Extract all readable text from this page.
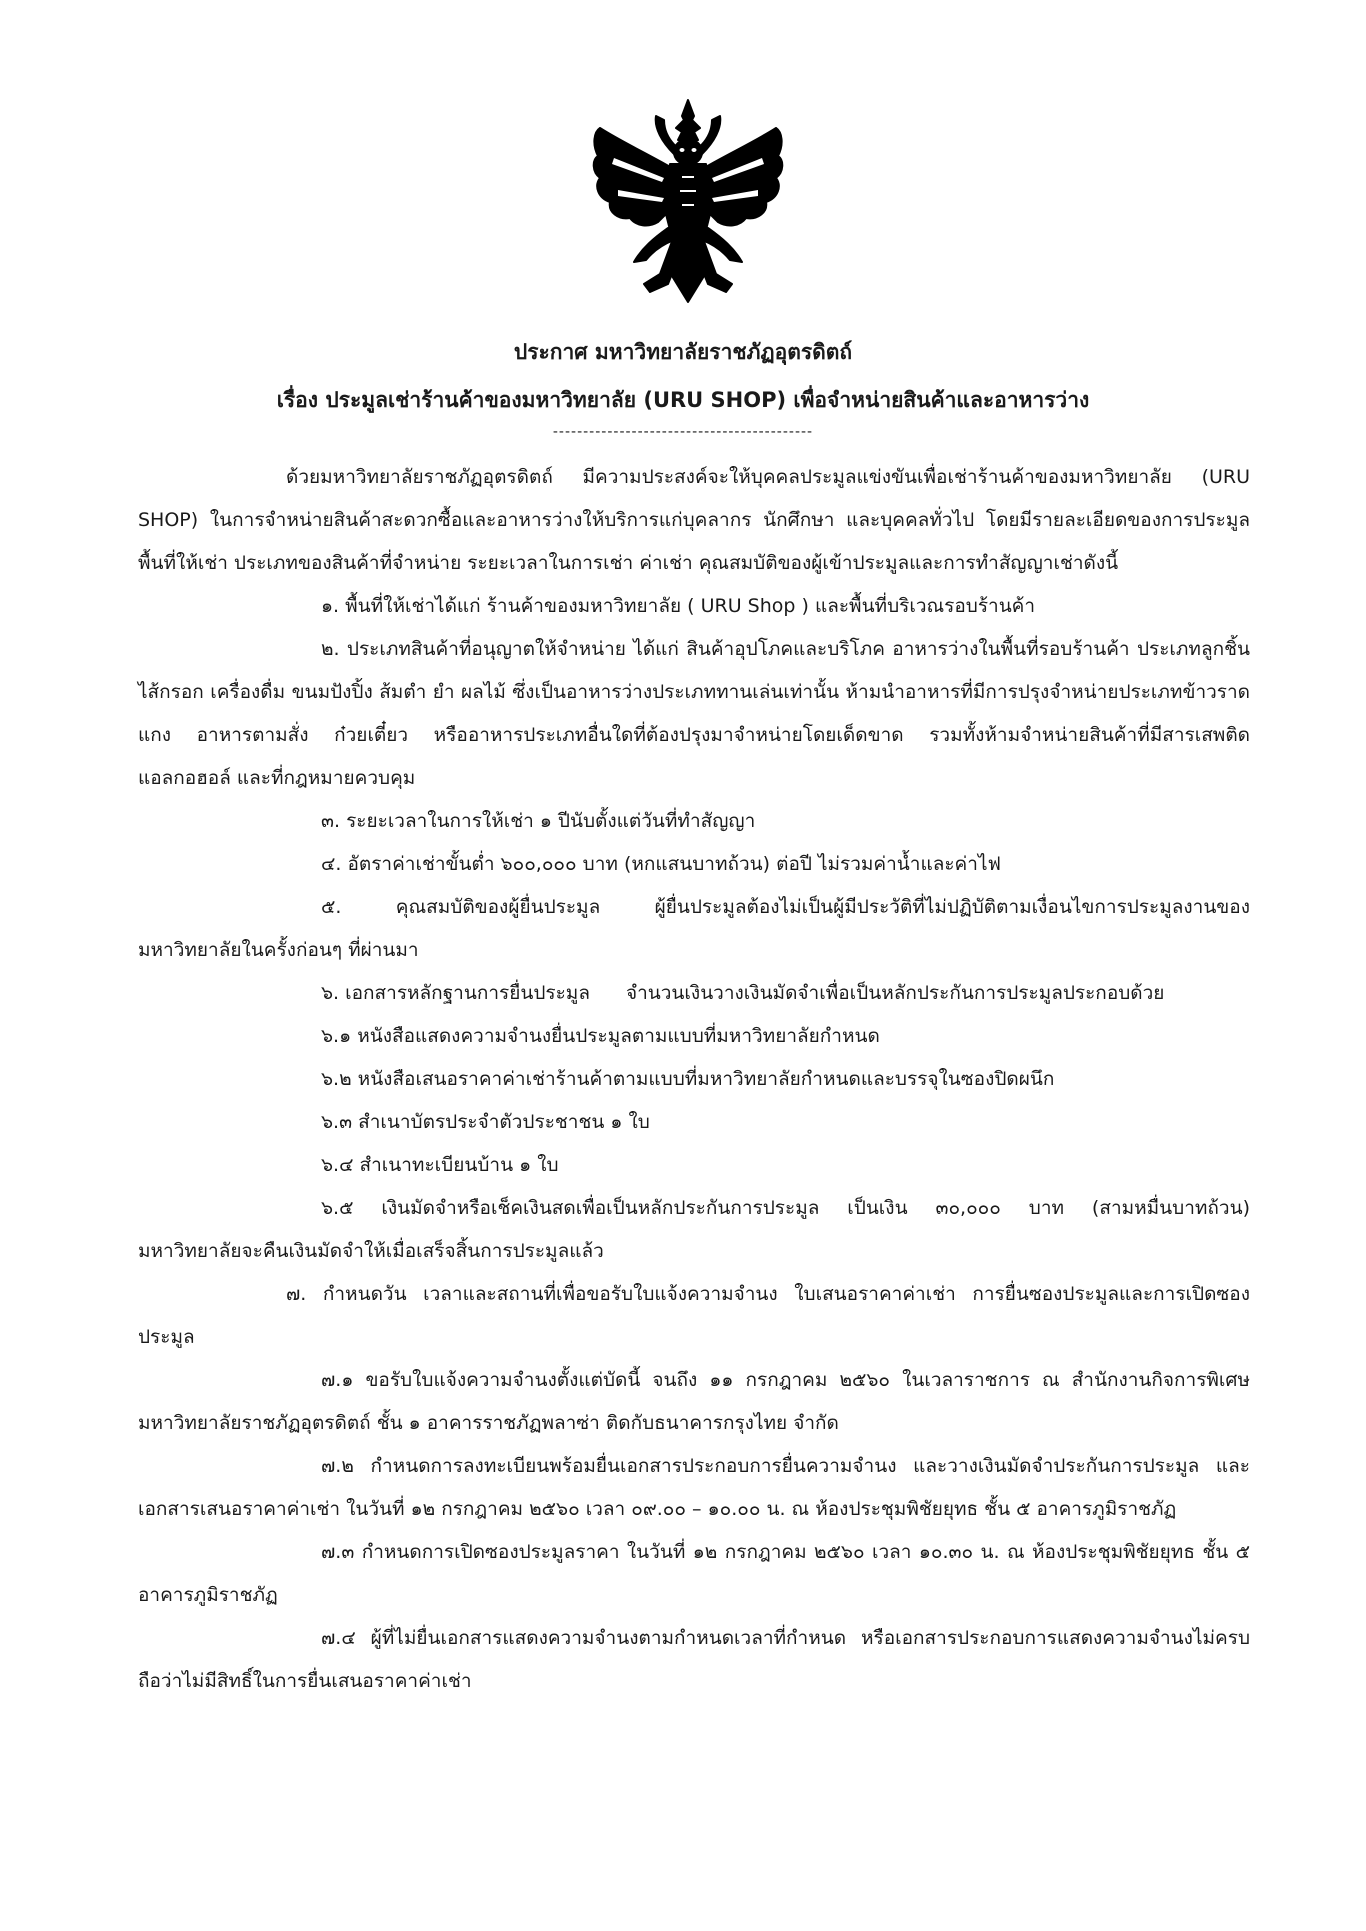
ประกาศ มหาวิทยาลัยราชภัฏอุตรดิตถ์
เรื่อง ประมูลเช่าร้านค้าของมหาวิทยาลัย (URU SHOP) เพื่อจำหน่ายสินค้าและอาหารว่าง
-------------------------------------------

ด้วยมหาวิทยาลัยราชภัฏอุตรดิตถ์ มีความประสงค์จะให้บุคคลประมูลแข่งขันเพื่อเช่าร้านค้าของมหาวิทยาลัย (URU SHOP) ในการจำหน่ายสินค้าสะดวกซื้อและอาหารว่างให้บริการแก่บุคลากร นักศึกษา และบุคคลทั่วไป โดยมีรายละเอียดของการประมูล พื้นที่ให้เช่า ประเภทของสินค้าที่จำหน่าย ระยะเวลาในการเช่า ค่าเช่า คุณสมบัติของผู้เข้าประมูลและการทำสัญญาเช่าดังนี้

๑. พื้นที่ให้เช่าได้แก่ ร้านค้าของมหาวิทยาลัย ( URU Shop ) และพื้นที่บริเวณรอบร้านค้า

๒. ประเภทสินค้าที่อนุญาตให้จำหน่าย ได้แก่ สินค้าอุปโภคและบริโภค อาหารว่างในพื้นที่รอบร้านค้า ประเภทลูกชิ้น ไส้กรอก เครื่องดื่ม ขนมปังปิ้ง ส้มตำ ยำ ผลไม้ ซึ่งเป็นอาหารว่างประเภททานเล่นเท่านั้น ห้ามนำอาหารที่มีการปรุงจำหน่ายประเภทข้าวราดแกง อาหารตามสั่ง ก๋วยเตี๋ยว หรืออาหารประเภทอื่นใดที่ต้องปรุงมาจำหน่ายโดยเด็ดขาด รวมทั้งห้ามจำหน่ายสินค้าที่มีสารเสพติด แอลกอฮอล์ และที่กฎหมายควบคุม

๓. ระยะเวลาในการให้เช่า ๑ ปีนับตั้งแต่วันที่ทำสัญญา

๔. อัตราค่าเช่าขั้นต่ำ ๖๐๐,๐๐๐ บาท (หกแสนบาทถ้วน) ต่อปี ไม่รวมค่าน้ำและค่าไฟ

๕. คุณสมบัติของผู้ยื่นประมูล ผู้ยื่นประมูลต้องไม่เป็นผู้มีประวัติที่ไม่ปฏิบัติตามเงื่อนไขการประมูลงานของมหาวิทยาลัยในครั้งก่อนๆ ที่ผ่านมา

๖. เอกสารหลักฐานการยื่นประมูล จำนวนเงินวางเงินมัดจำเพื่อเป็นหลักประกันการประมูลประกอบด้วย

๖.๑ หนังสือแสดงความจำนงยื่นประมูลตามแบบที่มหาวิทยาลัยกำหนด

๖.๒ หนังสือเสนอราคาค่าเช่าร้านค้าตามแบบที่มหาวิทยาลัยกำหนดและบรรจุในซองปิดผนึก

๖.๓ สำเนาบัตรประจำตัวประชาชน ๑ ใบ

๖.๔ สำเนาทะเบียนบ้าน ๑ ใบ

๖.๕ เงินมัดจำหรือเช็คเงินสดเพื่อเป็นหลักประกันการประมูล เป็นเงิน ๓๐,๐๐๐ บาท (สามหมื่นบาทถ้วน) มหาวิทยาลัยจะคืนเงินมัดจำให้เมื่อเสร็จสิ้นการประมูลแล้ว

๗. กำหนดวัน เวลาและสถานที่เพื่อขอรับใบแจ้งความจำนง ใบเสนอราคาค่าเช่า การยื่นซองประมูลและการเปิดซองประมูล

๗.๑ ขอรับใบแจ้งความจำนงตั้งแต่บัดนี้ จนถึง ๑๑ กรกฎาคม ๒๕๖๐ ในเวลาราชการ ณ สำนักงานกิจการพิเศษ มหาวิทยาลัยราชภัฏอุตรดิตถ์ ชั้น ๑ อาคารราชภัฏพลาซ่า ติดกับธนาคารกรุงไทย จำกัด

๗.๒ กำหนดการลงทะเบียนพร้อมยื่นเอกสารประกอบการยื่นความจำนง และวางเงินมัดจำประกันการประมูล และเอกสารเสนอราคาค่าเช่า ในวันที่ ๑๒ กรกฎาคม ๒๕๖๐ เวลา ๐๙.๐๐ – ๑๐.๐๐ น. ณ ห้องประชุมพิชัยยุทธ ชั้น ๕ อาคารภูมิราชภัฏ

๗.๓ กำหนดการเปิดซองประมูลราคา ในวันที่ ๑๒ กรกฎาคม ๒๕๖๐ เวลา ๑๐.๓๐ น. ณ ห้องประชุมพิชัยยุทธ ชั้น ๕ อาคารภูมิราชภัฏ

๗.๔ ผู้ที่ไม่ยื่นเอกสารแสดงความจำนงตามกำหนดเวลาที่กำหนด หรือเอกสารประกอบการแสดงความจำนงไม่ครบถือว่าไม่มีสิทธิ์ในการยื่นเสนอราคาค่าเช่า
